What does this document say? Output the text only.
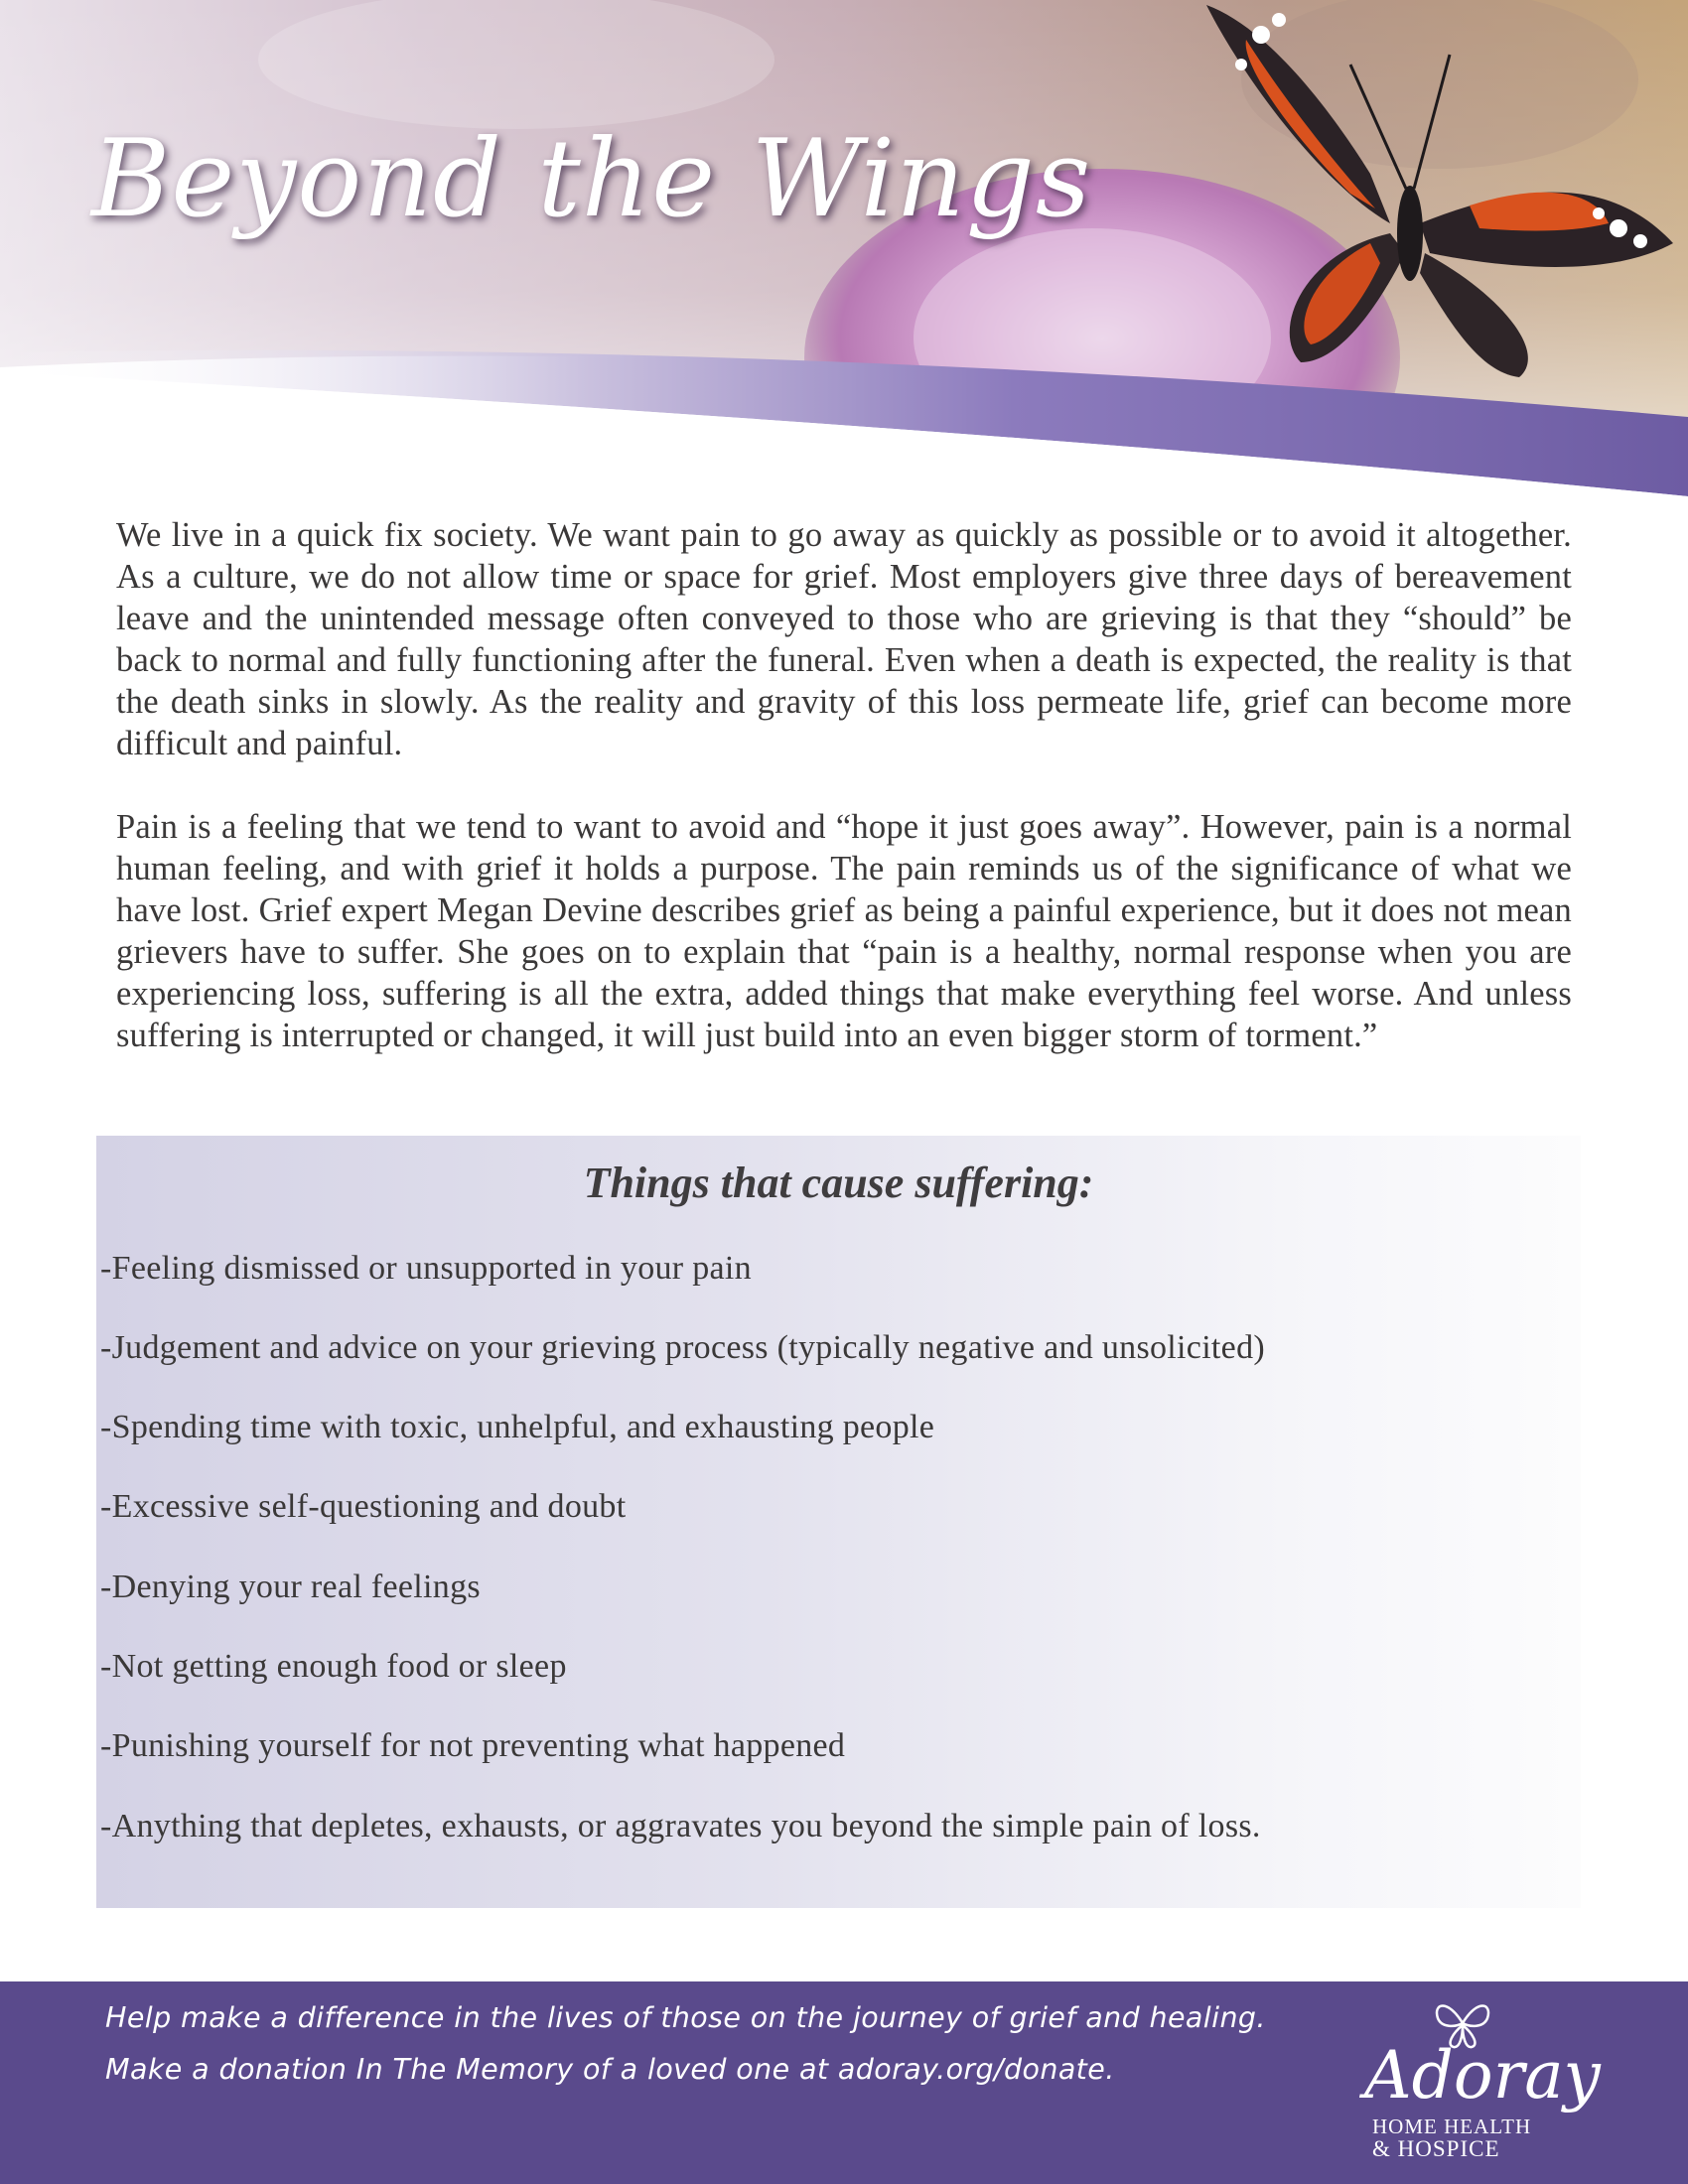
Beyond the Wings

We live in a quick fix society. We want pain to go away as quickly as possible or to avoid it altogether. As a culture, we do not allow time or space for grief. Most employers give three days of bereavement leave and the unintended message often conveyed to those who are grieving is that they “should” be back to normal and fully functioning after the funeral. Even when a death is expected, the reality is that the death sinks in slowly. As the reality and gravity of this loss permeate life, grief can become more difficult and painful.

Pain is a feeling that we tend to want to avoid and “hope it just goes away”. However, pain is a normal human feeling, and with grief it holds a purpose. The pain reminds us of the significance of what we have lost. Grief expert Megan Devine describes grief as being a painful experience, but it does not mean grievers have to suffer. She goes on to explain that “pain is a healthy, normal response when you are experiencing loss, suffering is all the extra, added things that make everything feel worse. And unless suffering is interrupted or changed, it will just build into an even bigger storm of torment.”

Things that cause suffering:

-Feeling dismissed or unsupported in your pain

-Judgement and advice on your grieving process (typically negative and unsolicited)

-Spending time with toxic, unhelpful, and exhausting people

-Excessive self-questioning and doubt

-Denying your real feelings

-Not getting enough food or sleep

-Punishing yourself for not preventing what happened

-Anything that depletes, exhausts, or aggravates you beyond the simple pain of loss.

Help make a difference in the lives of those on the journey of grief and healing.

Make a donation In The Memory of a loved one at adoray.org/donate.	Adoray

HOME HEALTH

& HOSPICE
